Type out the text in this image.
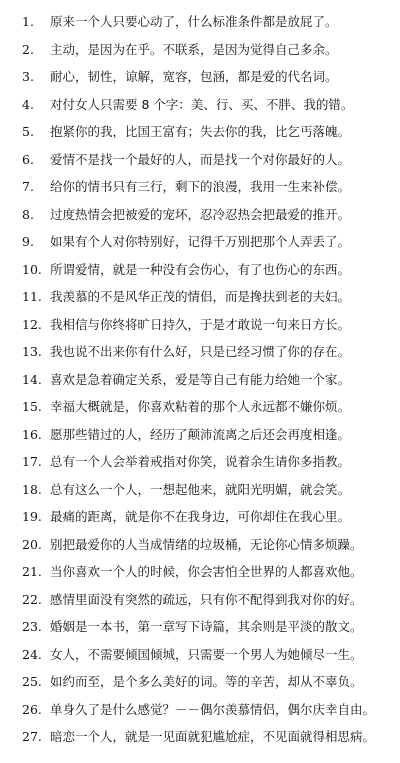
1.	原来一个人只要心动了，什么标准条件都是放屁了。
2.	主动，是因为在乎。不联系，是因为觉得自己多余。
3.	耐心，韧性，谅解，宽容，包涵，都是爱的代名词。
4.	对付女人只需要 8 个字：美、行、买、不胖、我的错。
5.	抱紧你的我，比国王富有；失去你的我，比乞丐落魄。
6.	爱情不是找一个最好的人，而是找一个对你最好的人。
7.	给你的情书只有三行，剩下的浪漫，我用一生来补偿。
8.	过度热情会把被爱的宠坏，忍冷忍热会把最爱的推开。
9.	如果有个人对你特别好，记得千万别把那个人弄丢了。
10. 所谓爱情，就是一种没有会伤心，有了也伤心的东西。
11. 我羡慕的不是风华正茂的情侣，而是搀扶到老的夫妇。
12. 我相信与你终将旷日持久，于是才敢说一句来日方长。
13. 我也说不出来你有什么好，只是已经习惯了你的存在。
14. 喜欢是急着确定关系，爱是等自己有能力给她一个家。
15. 幸福大概就是，你喜欢粘着的那个人永远都不嫌你烦。
16. 愿那些错过的人，经历了颠沛流离之后还会再度相逢。
17. 总有一个人会举着戒指对你笑，说着余生请你多指教。
18. 总有这么一个人，一想起他来，就阳光明媚，就会笑。
19. 最痛的距离，就是你不在我身边，可你却住在我心里。
20. 别把最爱你的人当成情绪的垃圾桶，无论你心情多烦躁。
21. 当你喜欢一个人的时候，你会害怕全世界的人都喜欢他。
22. 感情里面没有突然的疏远，只有你不配得到我对你的好。
23. 婚姻是一本书，第一章写下诗篇，其余则是平淡的散文。
24. 女人，不需要倾国倾城，只需要一个男人为她倾尽一生。
25. 如约而至，是个多么美好的词。等的辛苦，却从不辜负。
26. 单身久了是什么感觉？－－偶尔羡慕情侣，偶尔庆幸自由。
27. 暗恋一个人，就是一见面就犯尴尬症，不见面就得相思病。
